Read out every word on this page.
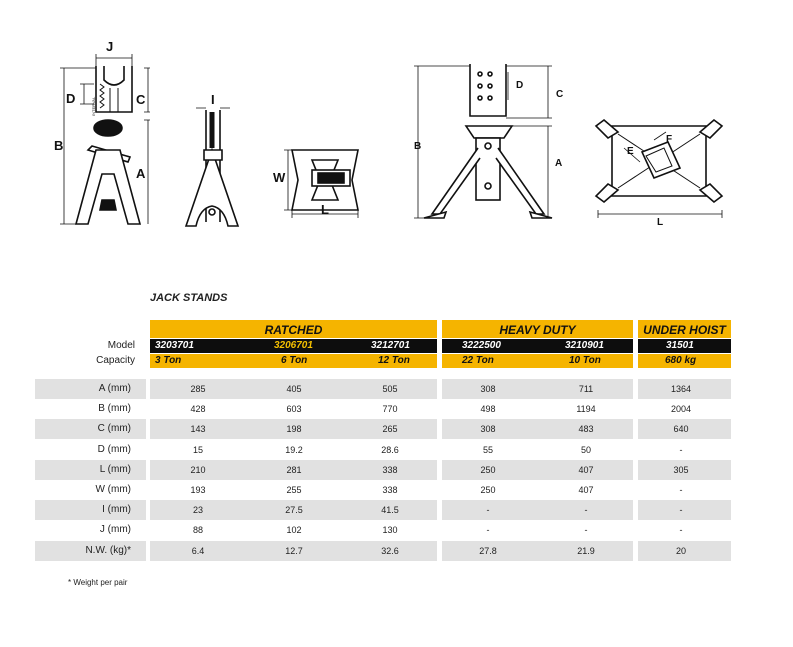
J
D	C
B
A
I
W
L
B
D
C
A
E
F
L
INTERVAL
JACK STANDS
RATCHED	HEAVY DUTY	UNDER HOIST
3203701	3206701	3212701	3222500	3210901	31501
3 Ton	6 Ton	12 Ton	22 Ton	10 Ton	680 kg
Model
Capacity
A (mm)	285	405	505	308	711	1364
B (mm)	428	603	770	498	1194	2004
C (mm)	143	198	265	308	483	640
D (mm)	15	19.2	28.6	55	50	-
L (mm)	210	281	338	250	407	305
W (mm)	193	255	338	250	407	-
I (mm)	23	27.5	41.5	-	-	-
J (mm)	88	102	130	-	-	-
N.W. (kg)*	6.4	12.7	32.6	27.8	21.9	20
* Weight per pair
